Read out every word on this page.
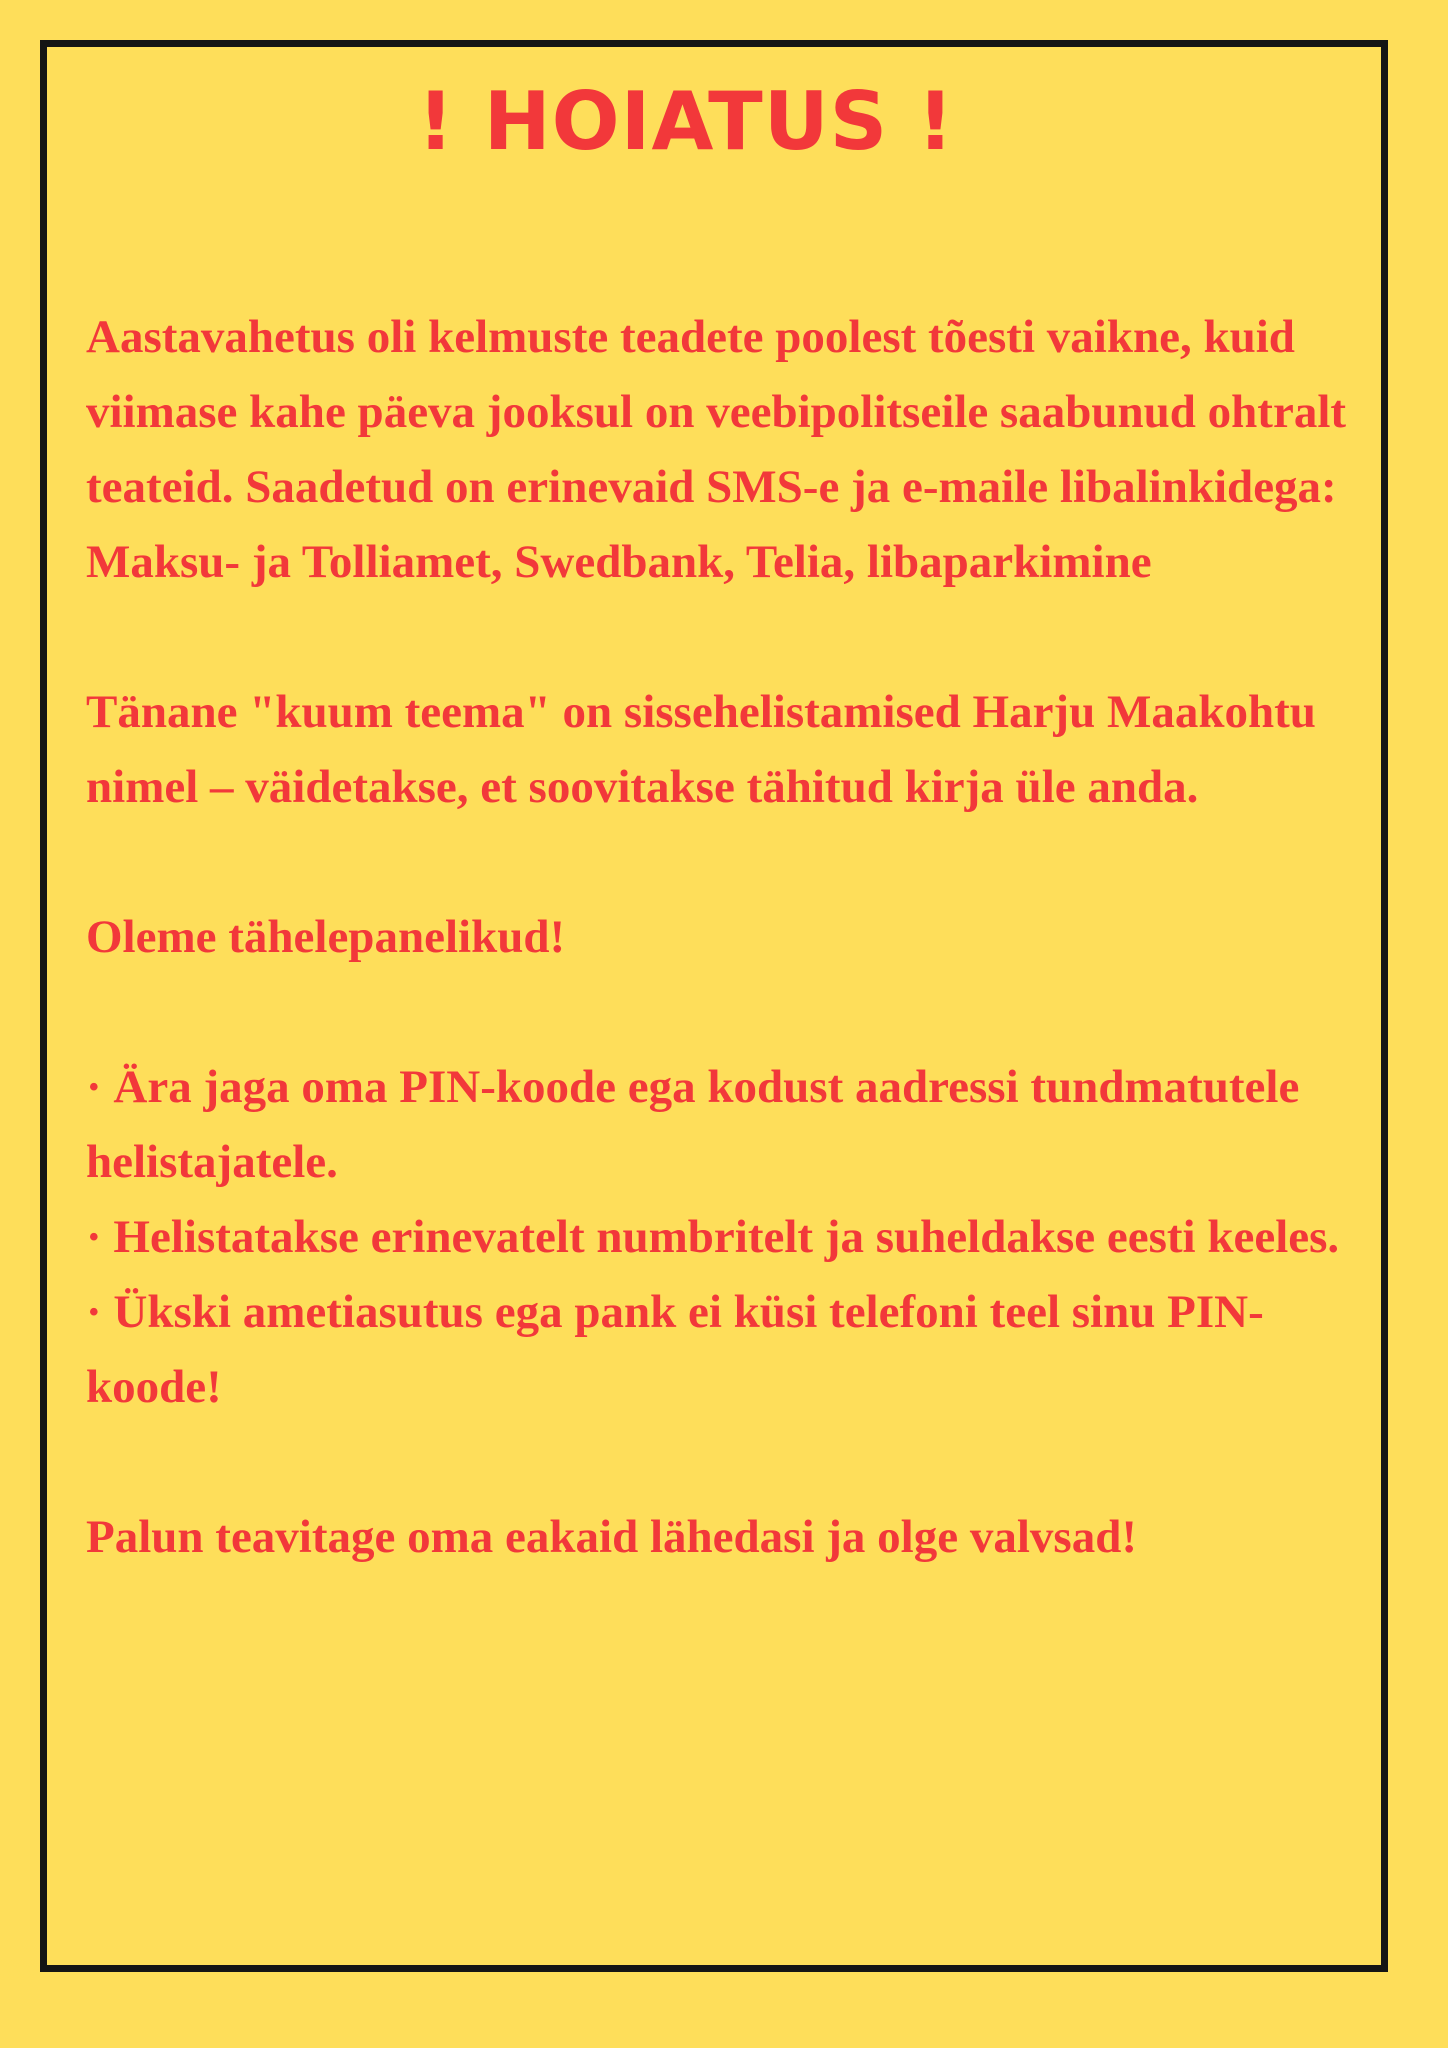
! HOIATUS !

Aastavahetus oli kelmuste teadete poolest tõesti vaikne, kuid viimase kahe päeva jooksul on veebipolitseile saabunud ohtralt teateid. Saadetud on erinevaid SMS-e ja e-maile libalinkidega: Maksu- ja Tolliamet, Swedbank, Telia, libaparkimine

Tänane "kuum teema" on sissehelistamised Harju Maakohtu nimel – väidetakse, et soovitakse tähitud kirja üle anda.

Oleme tähelepanelikud!

· Ära jaga oma PIN-koode ega kodust aadressi tundmatutele helistajatele.

· Helistatakse erinevatelt numbritelt ja suheldakse eesti keeles.

· Ükski ametiasutus ega pank ei küsi telefoni teel sinu PIN-koode!

Palun teavitage oma eakaid lähedasi ja olge valvsad!
